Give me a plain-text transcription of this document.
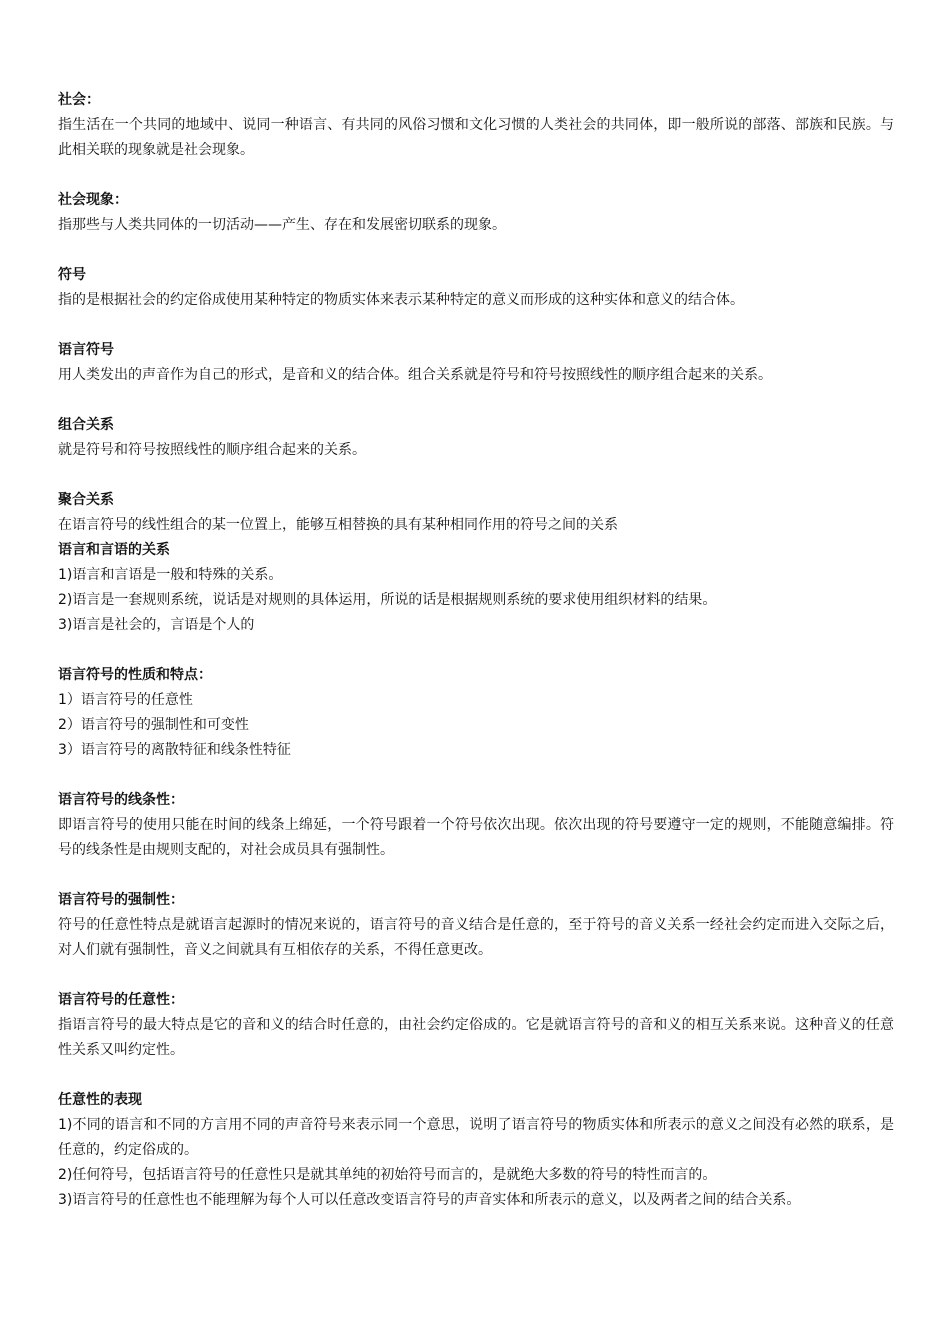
社会：

指生活在一个共同的地域中、说同一种语言、有共同的风俗习惯和文化习惯的人类社会的共同体，即一般所说的部落、部族和民族。与此相关联的现象就是社会现象。

社会现象：

指那些与人类共同体的一切活动——产生、存在和发展密切联系的现象。

符号

指的是根据社会的约定俗成使用某种特定的物质实体来表示某种特定的意义而形成的这种实体和意义的结合体。

语言符号

用人类发出的声音作为自己的形式，是音和义的结合体。组合关系就是符号和符号按照线性的顺序组合起来的关系。

组合关系

就是符号和符号按照线性的顺序组合起来的关系。

聚合关系

在语言符号的线性组合的某一位置上，能够互相替换的具有某种相同作用的符号之间的关系

语言和言语的关系

1)语言和言语是一般和特殊的关系。

2)语言是一套规则系统，说话是对规则的具体运用，所说的话是根据规则系统的要求使用组织材料的结果。

3)语言是社会的，言语是个人的

语言符号的性质和特点：

1）语言符号的任意性

2）语言符号的强制性和可变性

3）语言符号的离散特征和线条性特征

语言符号的线条性：

即语言符号的使用只能在时间的线条上绵延，一个符号跟着一个符号依次出现。依次出现的符号要遵守一定的规则，不能随意编排。符号的线条性是由规则支配的，对社会成员具有强制性。

语言符号的强制性：

符号的任意性特点是就语言起源时的情况来说的，语言符号的音义结合是任意的，至于符号的音义关系一经社会约定而进入交际之后，对人们就有强制性，音义之间就具有互相依存的关系，不得任意更改。

语言符号的任意性：

指语言符号的最大特点是它的音和义的结合时任意的，由社会约定俗成的。它是就语言符号的音和义的相互关系来说。这种音义的任意性关系又叫约定性。

任意性的表现

1)不同的语言和不同的方言用不同的声音符号来表示同一个意思，说明了语言符号的物质实体和所表示的意义之间没有必然的联系，是任意的，约定俗成的。

2)任何符号，包括语言符号的任意性只是就其单纯的初始符号而言的，是就绝大多数的符号的特性而言的。

3)语言符号的任意性也不能理解为每个人可以任意改变语言符号的声音实体和所表示的意义，以及两者之间的结合关系。
